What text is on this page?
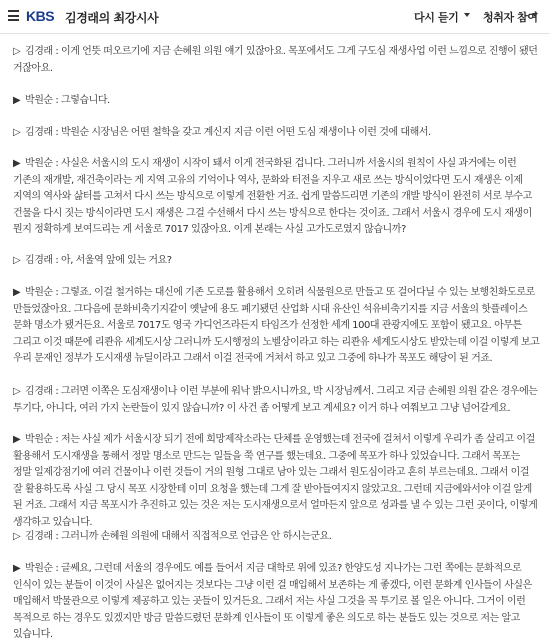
KBS 김경래의 최강시사	다시 듣기 청취자 참여
▷ 김경래 : 이게 언뜻 떠오르기에 지금 손혜원 의원 얘기 있잖아요. 목포에서도 그게 구도심 재생사업 이런 느낌으로 진행이 됐던 거잖아요.
▶ 박원순 : 그렇습니다.
▷ 김경래 : 박원순 시장님은 어떤 철학을 갖고 계신지 지금 이런 어떤 도심 재생이나 이런 것에 대해서.
▶ 박원순 : 사실은 서울시의 도시 재생이 시작이 돼서 이게 전국화된 겁니다. 그러니까 서울시의 원칙이 사실 과거에는 이런 기존의 재개발, 재건축이라는 게 지역 고유의 기억이나 역사, 문화와 터전을 지우고 새로 쓰는 방식이었다면 도시 재생은 이제 지역의 역사와 삶터를 고쳐서 다시 쓰는 방식으로 이렇게 전환한 거죠. 쉽게 말씀드리면 기존의 개발 방식이 완전히 서로 부수고 건물을 다시 짓는 방식이라면 도시 재생은 그걸 수선해서 다시 쓰는 방식으로 한다는 것이죠. 그래서 서울시 경우에 도시 재생이 뭔지 정확하게 보여드리는 게 서울로 7017 있잖아요. 이게 본래는 사실 고가도로였지 않습니까?
▷ 김경래 : 아, 서울역 앞에 있는 거요?
▶ 박원순 : 그렇죠. 이걸 철거하는 대신에 기존 도로를 활용해서 오히려 식물원으로 만들고 또 걸어다닐 수 있는 보행친화도로로 만들었잖아요. 그다음에 문화비축기지같이 옛날에 용도 폐기됐던 산업화 시대 유산인 석유비축기지를 지금 서울의 핫플레이스 문화 명소가 됐거든요. 서울로 7017도 영국 가디언즈라든지 타임즈가 선정한 세계 100대 관광지에도 포함이 됐고요. 아무튼 그리고 이것 때문에 리콴유 세계도시상 그러니까 도시행정의 노벨상이라고 하는 리콴유 세계도시상도 받았는데 이걸 이렇게 보고 우리 문재인 정부가 도시재생 뉴딜이라고 그래서 이걸 전국에 거쳐서 하고 있고 그중에 하나가 목포도 해당이 된 거죠.
▷ 김경래 : 그러면 이쪽은 도심재생이나 이런 부분에 워낙 밝으시니까요, 박 시장님께서. 그리고 지금 손혜원 의원 같은 경우에는 투기다, 아니다, 여러 가지 논란들이 있지 않습니까? 이 사건 좀 어떻게 보고 계세요? 이거 하나 여쭤보고 그냥 넘어갈게요.
▶ 박원순 : 저는 사실 제가 서울시장 되기 전에 희망제작소라는 단체를 운영했는데 전국에 걸쳐서 이렇게 우리가 좀 살리고 이걸 활용해서 도시재생을 통해서 정말 명소로 만드는 일들을 쭉 연구를 했는데요. 그중에 목포가 하나 있었습니다. 그래서 목포는 정말 일제강점기에 여러 건물이나 이런 것들이 거의 원형 그대로 남아 있는 그래서 원도심이라고 흔히 부르는데요. 그래서 이걸 잘 활용하도록 사실 그 당시 목포 시장한테 이미 요청을 했는데 그게 잘 받아들여지지 않았고요. 그런데 지금에와서야 이걸 알게 된 거죠. 그래서 지금 목포시가 추진하고 있는 것은 저는 도시재생으로서 얼마든지 앞으로 성과를 낼 수 있는 그런 곳이다, 이렇게 생각하고 있습니다.
▷ 김경래 : 그러니까 손혜원 의원에 대해서 직접적으로 언급은 안 하시는군요.
▶ 박원순 : 글쎄요, 그런데 서울의 경우에도 예를 들어서 지금 대학로 위에 있죠? 한양도성 지나가는 그런 쪽에는 문화적으로 인식이 있는 분들이 이것이 사실은 없어지는 것보다는 그냥 이런 걸 매입해서 보존하는 게 좋겠다, 이런 문화계 인사들이 사실은 매입해서 박물관으로 이렇게 제공하고 있는 곳들이 있거든요. 그래서 저는 사실 그것을 꼭 투기로 볼 일은 아니다. 그거이 이런 목적으로 하는 경우도 있겠지만 방금 말씀드렸던 문화계 인사들이 또 이렇게 좋은 의도로 하는 분들도 있는 것으로 저는 알고 있습니다.
